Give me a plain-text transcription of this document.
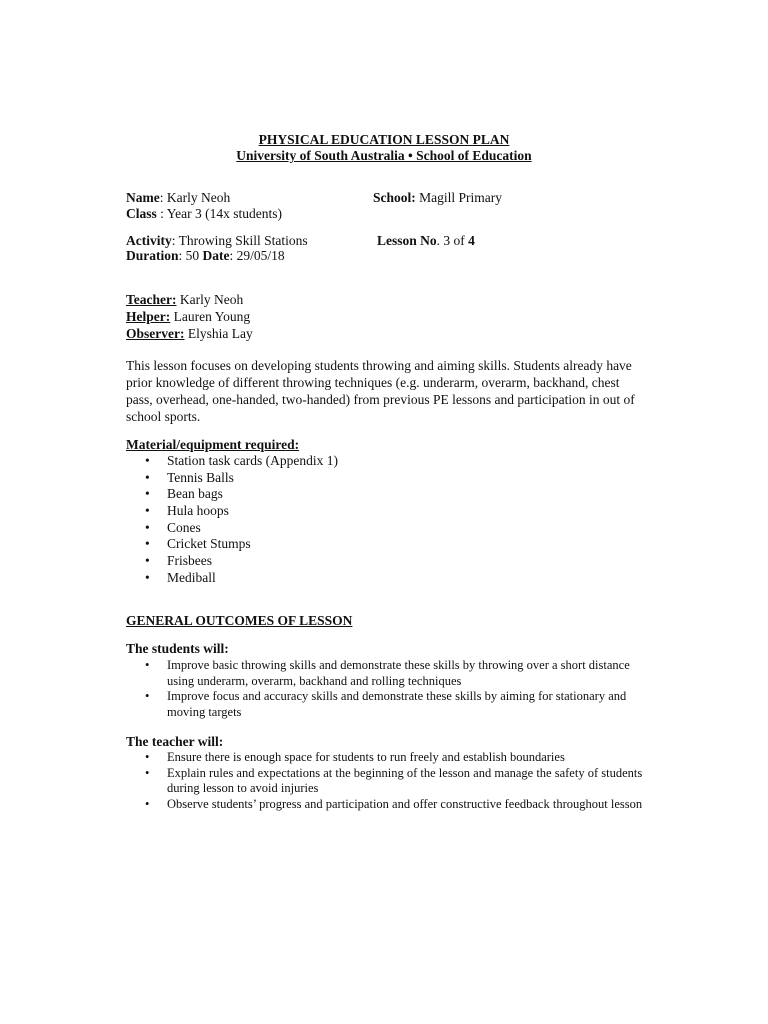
PHYSICAL EDUCATION LESSON PLAN
University of South Australia • School of Education
Name: Karly Neoh	School: Magill Primary
Class : Year 3 (14x students)
Activity: Throwing Skill Stations	Lesson No. 3 of 4
Duration: 50 Date: 29/05/18
Teacher: Karly Neoh
Helper: Lauren Young
Observer: Elyshia Lay
This lesson focuses on developing students throwing and aiming skills. Students already have prior knowledge of different throwing techniques (e.g. underarm, overarm, backhand, chest pass, overhead, one-handed, two-handed) from previous PE lessons and participation in out of school sports.
Material/equipment required:
• Station task cards (Appendix 1)
• Tennis Balls
• Bean bags
• Hula hoops
• Cones
• Cricket Stumps
• Frisbees
• Mediball
GENERAL OUTCOMES OF LESSON
The students will:
• Improve basic throwing skills and demonstrate these skills by throwing over a short distance using underarm, overarm, backhand and rolling techniques
• Improve focus and accuracy skills and demonstrate these skills by aiming for stationary and moving targets
The teacher will:
• Ensure there is enough space for students to run freely and establish boundaries
• Explain rules and expectations at the beginning of the lesson and manage the safety of students during lesson to avoid injuries
• Observe students’ progress and participation and offer constructive feedback throughout lesson
